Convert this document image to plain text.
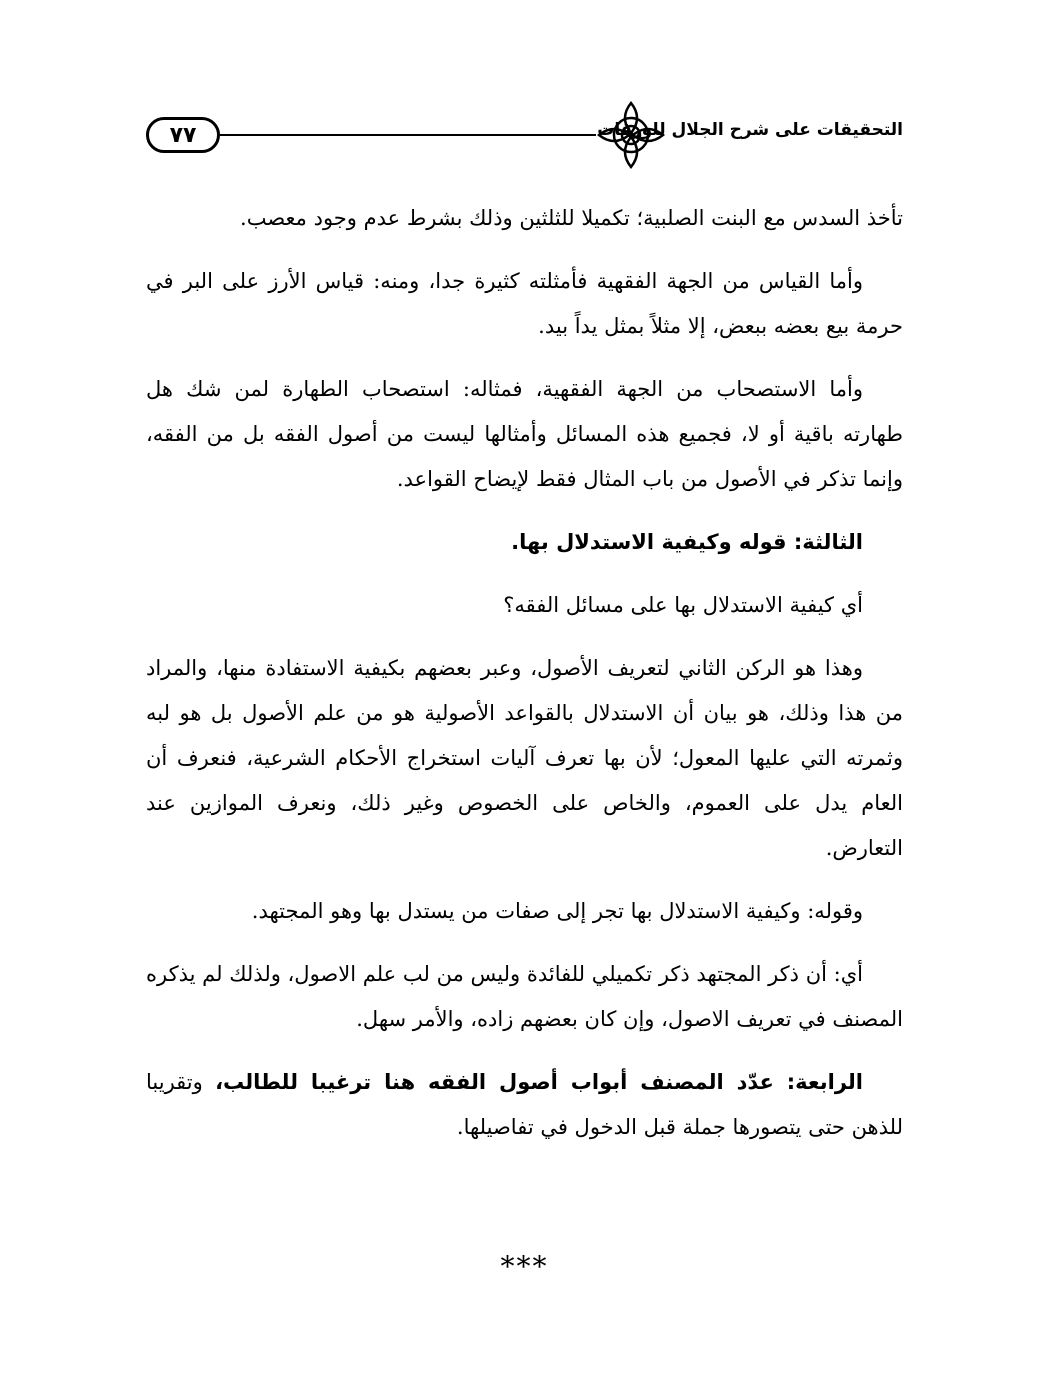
٧٧	التحقيقات على شرح الجلال للورقات

تأخذ السدس مع البنت الصلبية؛ تكميلا للثلثين وذلك بشرط عدم وجود معصب.

وأما القياس من الجهة الفقهية فأمثلته كثيرة جدا، ومنه: قياس الأرز على البر في حرمة بيع بعضه ببعض، إلا مثلاً بمثل يداً بيد.

وأما الاستصحاب من الجهة الفقهية، فمثاله: استصحاب الطهارة لمن شك هل طهارته باقية أو لا، فجميع هذه المسائل وأمثالها ليست من أصول الفقه بل من الفقه، وإنما تذكر في الأصول من باب المثال فقط لإيضاح القواعد.

الثالثة: قوله وكيفية الاستدلال بها.

أي كيفية الاستدلال بها على مسائل الفقه؟

وهذا هو الركن الثاني لتعريف الأصول، وعبر بعضهم بكيفية الاستفادة منها، والمراد من هذا وذلك، هو بيان أن الاستدلال بالقواعد الأصولية هو من علم الأصول بل هو لبه وثمرته التي عليها المعول؛ لأن بها تعرف آليات استخراج الأحكام الشرعية، فنعرف أن العام يدل على العموم، والخاص على الخصوص وغير ذلك، ونعرف الموازين عند التعارض.

وقوله: وكيفية الاستدلال بها تجر إلى صفات من يستدل بها وهو المجتهد.

أي: أن ذكر المجتهد ذكر تكميلي للفائدة وليس من لب علم الاصول، ولذلك لم يذكره المصنف في تعريف الاصول، وإن كان بعضهم زاده، والأمر سهل.

الرابعة: عدّد المصنف أبواب أصول الفقه هنا ترغيبا للطالب، وتقريبا للذهن حتى يتصورها جملة قبل الدخول في تفاصيلها.

***
